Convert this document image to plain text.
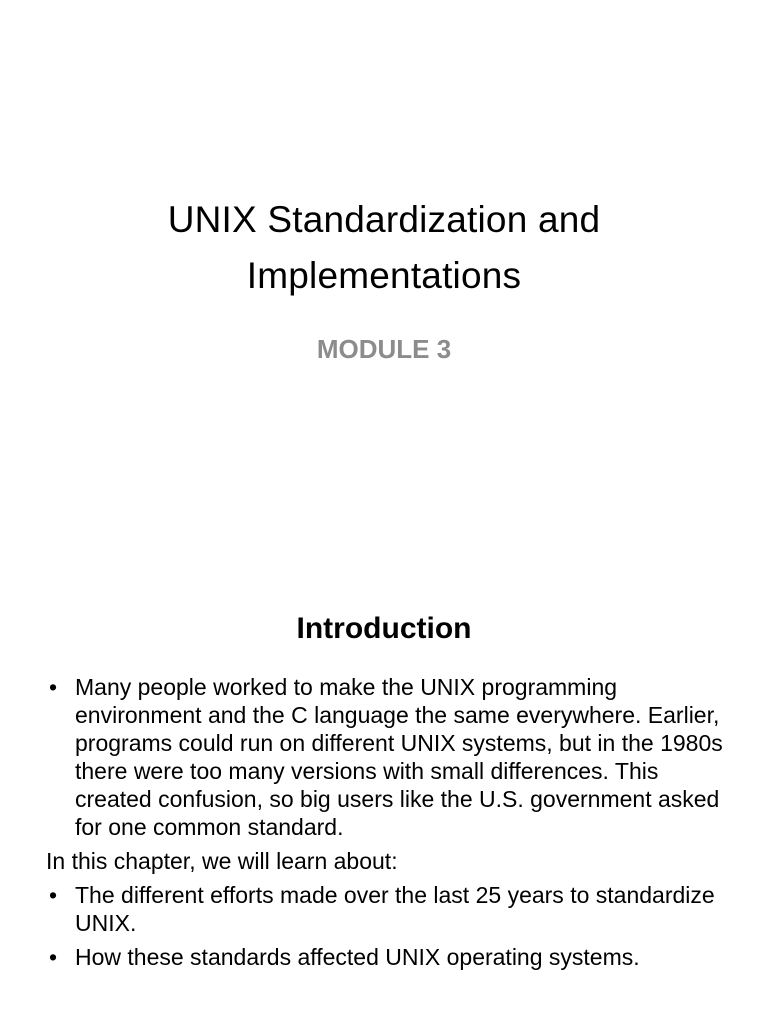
UNIX Standardization and
Implementations

MODULE 3

Introduction

• Many people worked to make the UNIX programming environment and the C language the same everywhere. Earlier, programs could run on different UNIX systems, but in the 1980s there were too many versions with small differences. This created confusion, so big users like the U.S. government asked for one common standard.

In this chapter, we will learn about:

• The different efforts made over the last 25 years to standardize UNIX.

• How these standards affected UNIX operating systems.
